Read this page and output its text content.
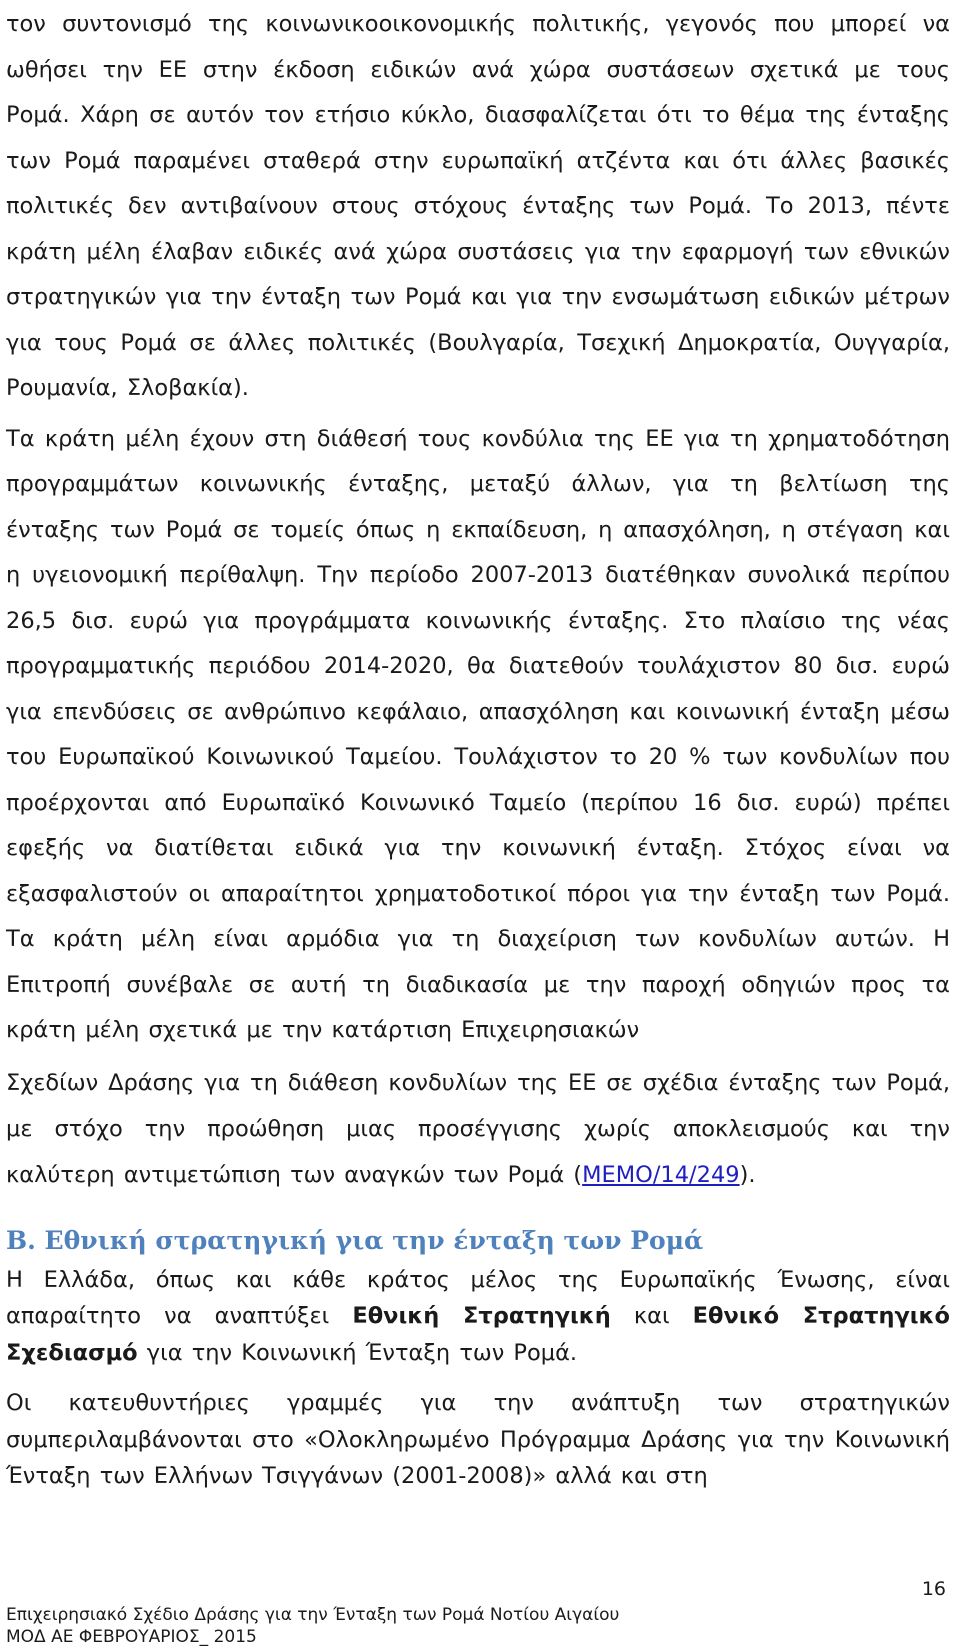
τον συντονισμό της κοινωνικοοικονομικής πολιτικής, γεγονός που μπορεί να ωθήσει την ΕΕ στην έκδοση ειδικών ανά χώρα συστάσεων σχετικά με τους Ρομά. Χάρη σε αυτόν τον ετήσιο κύκλο, διασφαλίζεται ότι το θέμα της ένταξης των Ρομά παραμένει σταθερά στην ευρωπαϊκή ατζέντα και ότι άλλες βασικές πολιτικές δεν αντιβαίνουν στους στόχους ένταξης των Ρομά. Το 2013, πέντε κράτη μέλη έλαβαν ειδικές ανά χώρα συστάσεις για την εφαρμογή των εθνικών στρατηγικών για την ένταξη των Ρομά και για την ενσωμάτωση ειδικών μέτρων για τους Ρομά σε άλλες πολιτικές (Βουλγαρία, Τσεχική Δημοκρατία, Ουγγαρία, Ρουμανία, Σλοβακία).

Τα κράτη μέλη έχουν στη διάθεσή τους κονδύλια της ΕΕ για τη χρηματοδότηση προγραμμάτων κοινωνικής ένταξης, μεταξύ άλλων, για τη βελτίωση της ένταξης των Ρομά σε τομείς όπως η εκπαίδευση, η απασχόληση, η στέγαση και η υγειονομική περίθαλψη. Την περίοδο 2007-2013 διατέθηκαν συνολικά περίπου 26,5 δισ. ευρώ για προγράμματα κοινωνικής ένταξης. Στο πλαίσιο της νέας προγραμματικής περιόδου 2014-2020, θα διατεθούν τουλάχιστον 80 δισ. ευρώ για επενδύσεις σε ανθρώπινο κεφάλαιο, απασχόληση και κοινωνική ένταξη μέσω του Ευρωπαϊκού Κοινωνικού Ταμείου. Τουλάχιστον το 20 % των κονδυλίων που προέρχονται από Ευρωπαϊκό Κοινωνικό Ταμείο (περίπου 16 δισ. ευρώ) πρέπει εφεξής να διατίθεται ειδικά για την κοινωνική ένταξη. Στόχος είναι να εξασφαλιστούν οι απαραίτητοι χρηματοδοτικοί πόροι για την ένταξη των Ρομά. Τα κράτη μέλη είναι αρμόδια για τη διαχείριση των κονδυλίων αυτών. Η Επιτροπή συνέβαλε σε αυτή τη διαδικασία με την παροχή οδηγιών προς τα κράτη μέλη σχετικά με την κατάρτιση Επιχειρησιακών

Σχεδίων Δράσης για τη διάθεση κονδυλίων της ΕΕ σε σχέδια ένταξης των Ρομά, με στόχο την προώθηση μιας προσέγγισης χωρίς αποκλεισμούς και την καλύτερη αντιμετώπιση των αναγκών των Ρομά (MEMO/14/249).

Β. Εθνική στρατηγική για την ένταξη των Ρομά

Η Ελλάδα, όπως και κάθε κράτος μέλος της Ευρωπαϊκής Ένωσης, είναι απαραίτητο να αναπτύξει Εθνική Στρατηγική και Εθνικό Στρατηγικό Σχεδιασμό για την Κοινωνική Ένταξη των Ρομά.

Οι κατευθυντήριες γραμμές για την ανάπτυξη των στρατηγικών συμπεριλαμβάνονται στο «Ολοκληρωμένο Πρόγραμμα Δράσης για την Κοινωνική Ένταξη των Ελλήνων Τσιγγάνων (2001-2008)» αλλά και στη

16
Επιχειρησιακό Σχέδιο Δράσης για την Ένταξη των Ρομά Νοτίου Αιγαίου
ΜΟΔ ΑΕ ΦΕΒΡΟΥΑΡΙΟΣ_ 2015
